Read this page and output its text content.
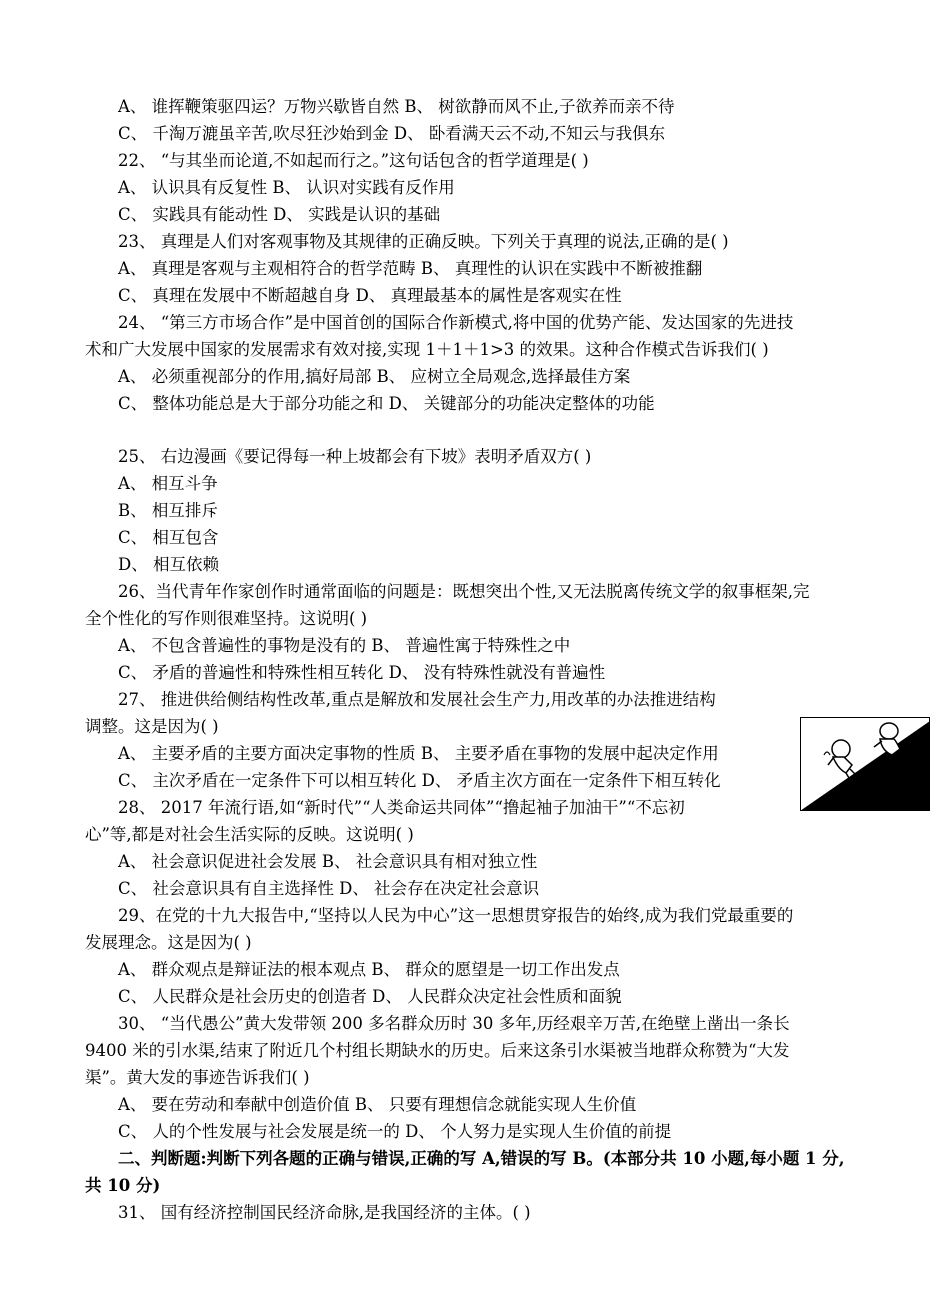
A、 谁挥鞭策驱四运？万物兴歇皆自然 B、 树欲静而风不止,子欲养而亲不待
C、 千淘万漉虽辛苦,吹尽狂沙始到金 D、 卧看满天云不动,不知云与我俱东
22、 “与其坐而论道,不如起而行之。”这句话包含的哲学道理是( )
A、 认识具有反复性 B、 认识对实践有反作用
C、 实践具有能动性 D、 实践是认识的基础
23、 真理是人们对客观事物及其规律的正确反映。下列关于真理的说法,正确的是( )
A、 真理是客观与主观相符合的哲学范畴 B、 真理性的认识在实践中不断被推翻
C、 真理在发展中不断超越自身 D、 真理最基本的属性是客观实在性
24、 “第三方市场合作”是中国首创的国际合作新模式,将中国的优势产能、发达国家的先进技
术和广大发展中国家的发展需求有效对接,实现 1＋1＋1>3 的效果。这种合作模式告诉我们( )
A、 必须重视部分的作用,搞好局部 B、 应树立全局观念,选择最佳方案
C、 整体功能总是大于部分功能之和 D、 关键部分的功能决定整体的功能
25、 右边漫画《要记得每一种上坡都会有下坡》表明矛盾双方( )
A、 相互斗争
B、 相互排斥
C、 相互包含
D、 相互依赖
26、当代青年作家创作时通常面临的问题是：既想突出个性,又无法脱离传统文学的叙事框架,完
全个性化的写作则很难坚持。这说明( )
A、 不包含普遍性的事物是没有的 B、 普遍性寓于特殊性之中
C、 矛盾的普遍性和特殊性相互转化 D、 没有特殊性就没有普遍性
27、 推进供给侧结构性改革,重点是解放和发展社会生产力,用改革的办法推进结构
调整。这是因为( )
A、 主要矛盾的主要方面决定事物的性质 B、 主要矛盾在事物的发展中起决定作用
C、 主次矛盾在一定条件下可以相互转化 D、 矛盾主次方面在一定条件下相互转化
28、 2017 年流行语,如“新时代”“人类命运共同体”“撸起袖子加油干”“不忘初
心”等,都是对社会生活实际的反映。这说明( )
A、 社会意识促进社会发展 B、 社会意识具有相对独立性
C、 社会意识具有自主选择性 D、 社会存在决定社会意识
29、在党的十九大报告中,“坚持以人民为中心”这一思想贯穿报告的始终,成为我们党最重要的
发展理念。这是因为( )
A、 群众观点是辩证法的根本观点 B、 群众的愿望是一切工作出发点
C、 人民群众是社会历史的创造者 D、 人民群众决定社会性质和面貌
30、 “当代愚公”黄大发带领 200 多名群众历时 30 多年,历经艰辛万苦,在绝壁上凿出一条长
9400 米的引水渠,结束了附近几个村组长期缺水的历史。后来这条引水渠被当地群众称赞为“大发
渠”。黄大发的事迹告诉我们( )
A、 要在劳动和奉献中创造价值 B、 只要有理想信念就能实现人生价值
C、 人的个性发展与社会发展是统一的 D、 个人努力是实现人生价值的前提
二、判断题:判断下列各题的正确与错误,正确的写 A,错误的写 B。(本部分共 10 小题,每小题 1 分,
共 10 分)
31、 国有经济控制国民经济命脉,是我国经济的主体。( )
